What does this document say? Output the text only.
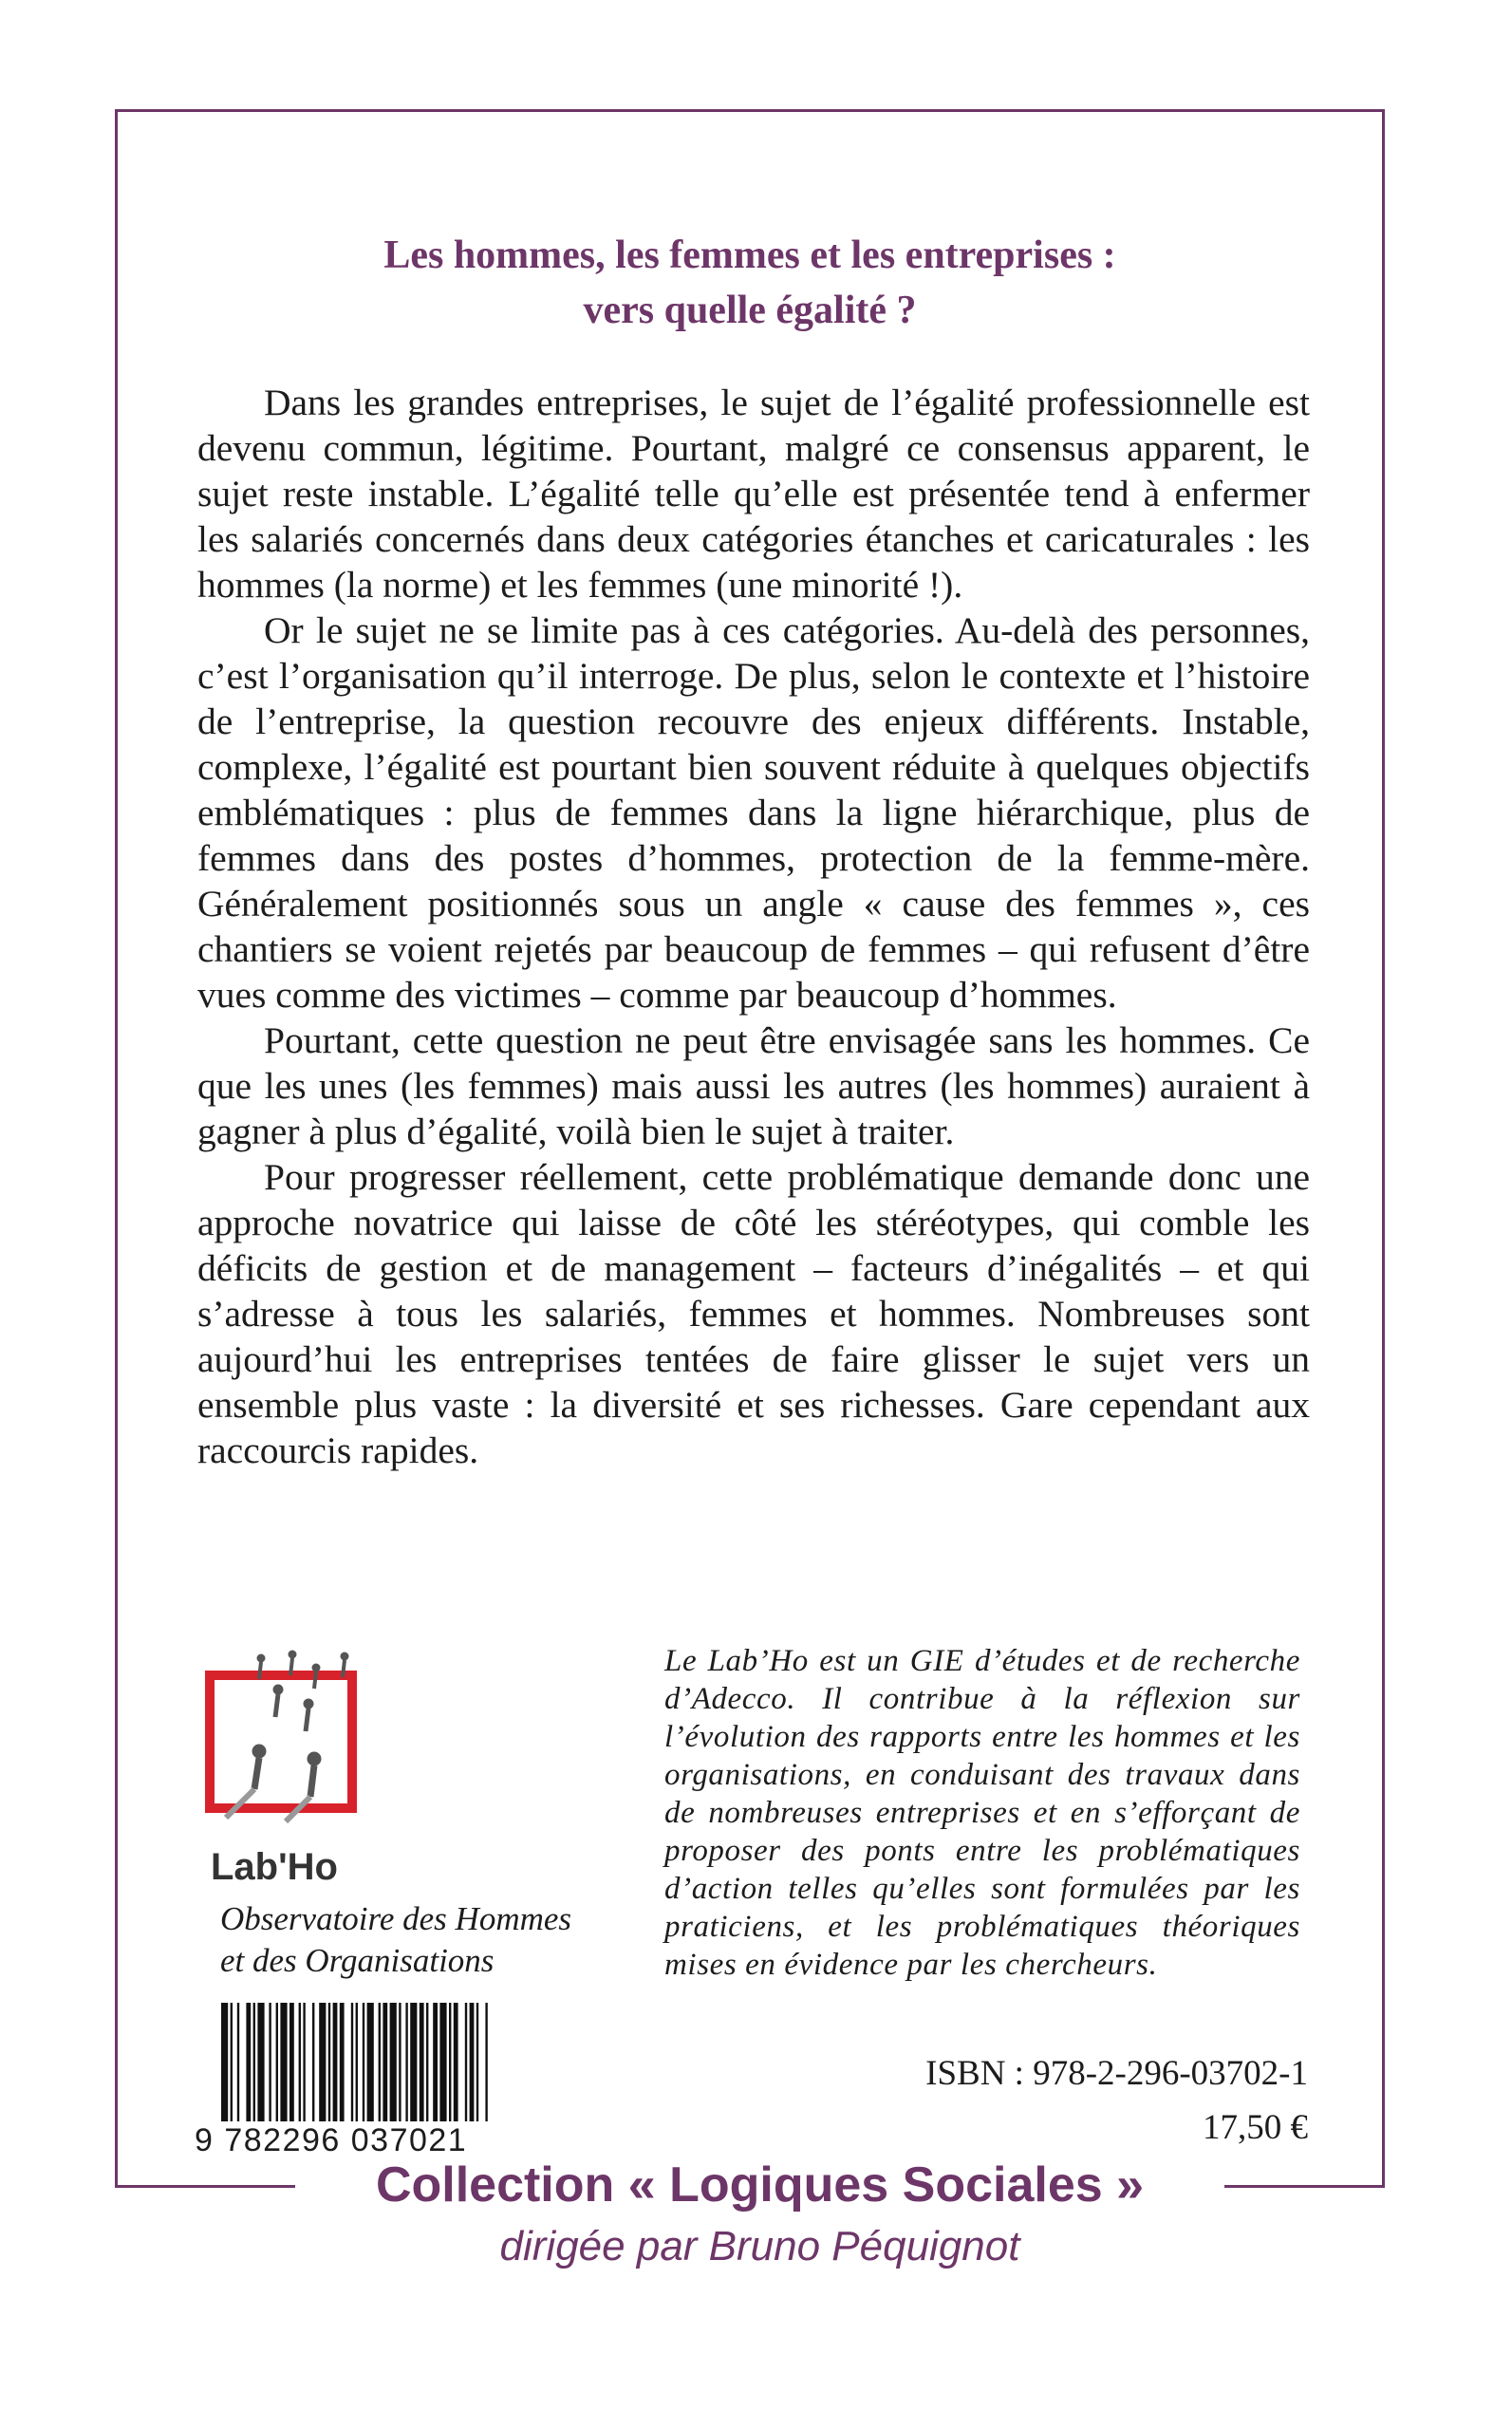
Les hommes, les femmes et les entreprises :
vers quelle égalité ?

Dans les grandes entreprises, le sujet de l’égalité professionnelle est devenu commun, légitime. Pourtant, malgré ce consensus apparent, le sujet reste instable. L’égalité telle qu’elle est présentée tend à enfermer les salariés concernés dans deux catégories étanches et caricaturales : les hommes (la norme) et les femmes (une minorité !).

Or le sujet ne se limite pas à ces catégories. Au-delà des personnes, c’est l’organisation qu’il interroge. De plus, selon le contexte et l’histoire de l’entreprise, la question recouvre des enjeux différents. Instable, complexe, l’égalité est pourtant bien souvent réduite à quelques objectifs emblématiques : plus de femmes dans la ligne hiérarchique, plus de femmes dans des postes d’hommes, protection de la femme-mère. Généralement positionnés sous un angle « cause des femmes », ces chantiers se voient rejetés par beaucoup de femmes – qui refusent d’être vues comme des victimes – comme par beaucoup d’hommes.

Pourtant, cette question ne peut être envisagée sans les hommes. Ce que les unes (les femmes) mais aussi les autres (les hommes) auraient à gagner à plus d’égalité, voilà bien le sujet à traiter.

Pour progresser réellement, cette problématique demande donc une approche novatrice qui laisse de côté les stéréotypes, qui comble les déficits de gestion et de management – facteurs d’inégalités – et qui s’adresse à tous les salariés, femmes et hommes. Nombreuses sont aujourd’hui les entreprises tentées de faire glisser le sujet vers un ensemble plus vaste : la diversité et ses richesses. Gare cependant aux raccourcis rapides.

Lab'Ho
Observatoire des Hommes
et des Organisations
Le Lab’Ho est un GIE d’études et de recherche d’Adecco. Il contribue à la réflexion sur l’évolution des rapports entre les hommes et les organisations, en conduisant des travaux dans de nombreuses entreprises et en s’efforçant de proposer des ponts entre les problématiques d’action telles qu’elles sont formulées par les praticiens, et les problématiques théoriques mises en évidence par les chercheurs.
9 782296 037021
ISBN : 978-2-296-03702-1
17,50 €
Collection « Logiques Sociales »
dirigée par Bruno Péquignot
